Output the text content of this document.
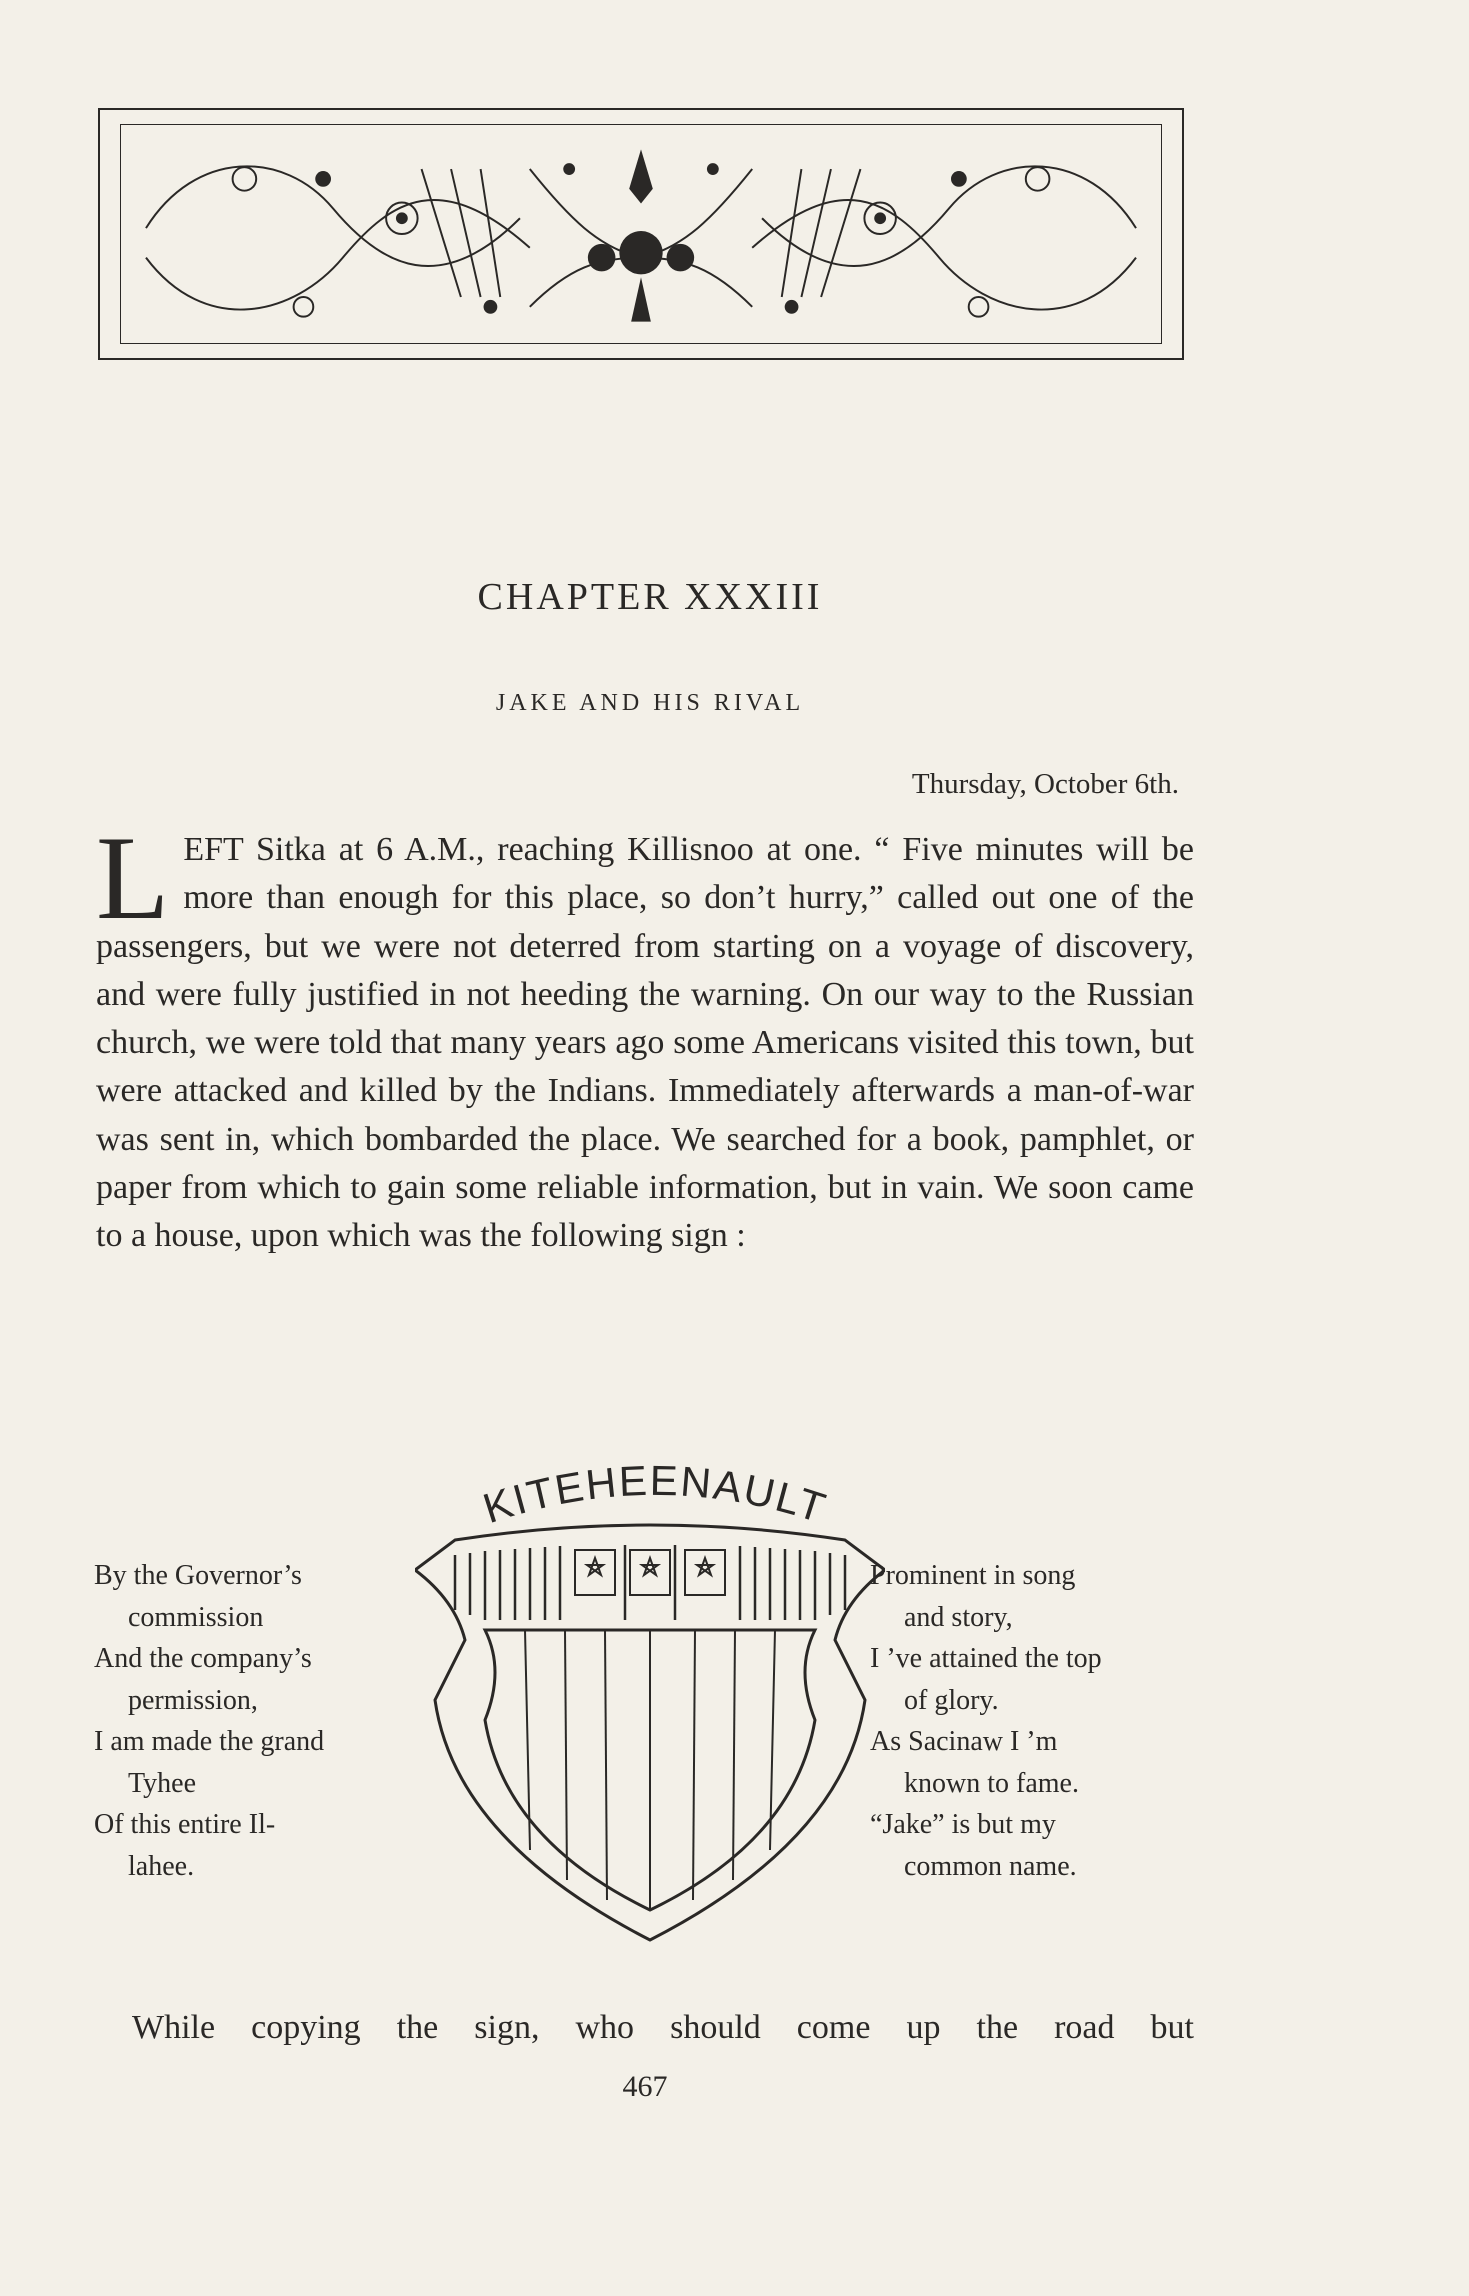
CHAPTER XXXIII
JAKE AND HIS RIVAL
Thursday, October 6th.
LEFT Sitka at 6 A.M., reaching Killisnoo at one. “ Five minutes will be more than enough for this place, so don’t hurry,” called out one of the passengers, but we were not deterred from starting on a voyage of discovery, and were fully justified in not heeding the warning. On our way to the Russian church, we were told that many years ago some Americans visited this town, but were attacked and killed by the Indians. Immediately afterwards a man-of-war was sent in, which bombarded the place. We searched for a book, pamphlet, or paper from which to gain some reliable information, but in vain. We soon came to a house, upon which was the following sign :
KITEHEENAULT
By the Governor’s
commission
And the company’s
permission,
I am made the grand
Tyhee
Of this entire Il-
lahee.
Prominent in song
and story,
I ’ve attained the top
of glory.
As Sacinaw I ’m
known to fame.
“Jake” is but my
common name.
While copying the sign, who should come up the road but
467
